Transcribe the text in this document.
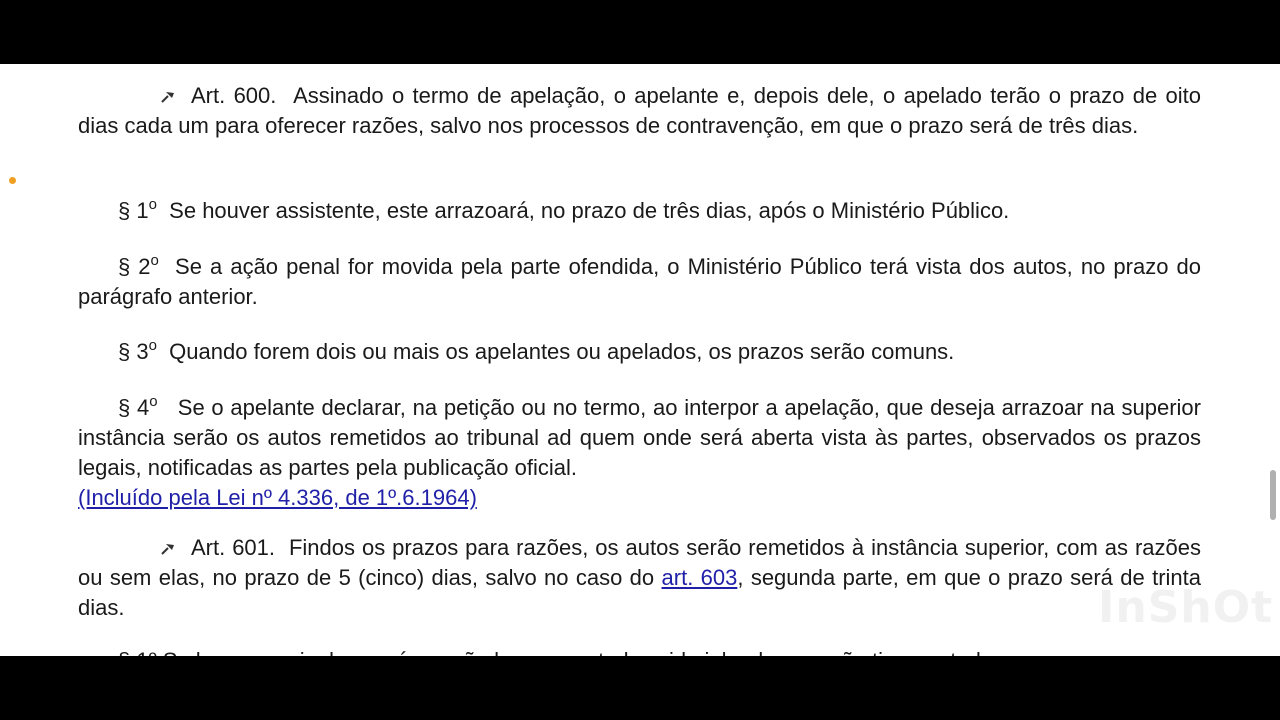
Art. 600. Assinado o termo de apelação, o apelante e, depois dele, o apelado terão o prazo de oito dias cada um para oferecer razões, salvo nos processos de contravenção, em que o prazo será de três dias.
§ 1$^o$ Se houver assistente, este arrazoará, no prazo de três dias, após o Ministério Público.
§ 2$^o$ Se a ação penal for movida pela parte ofendida, o Ministério Público terá vista dos autos, no prazo do parágrafo anterior.
§ 3$^o$ Quando forem dois ou mais os apelantes ou apelados, os prazos serão comuns.
§ 4$^o$ Se o apelante declarar, na petição ou no termo, ao interpor a apelação, que deseja arrazoar na superior instância serão os autos remetidos ao tribunal ad quem onde será aberta vista às partes, observados os prazos legais, notificadas as partes pela publicação oficial.
(Incluído pela Lei nº 4.336, de 1º.6.1964)
Art. 601. Findos os prazos para razões, os autos serão remetidos à instância superior, com as razões ou sem elas, no prazo de 5 (cinco) dias, salvo no caso do art. 603, segunda parte, em que o prazo será de trinta dias.	InShOt
